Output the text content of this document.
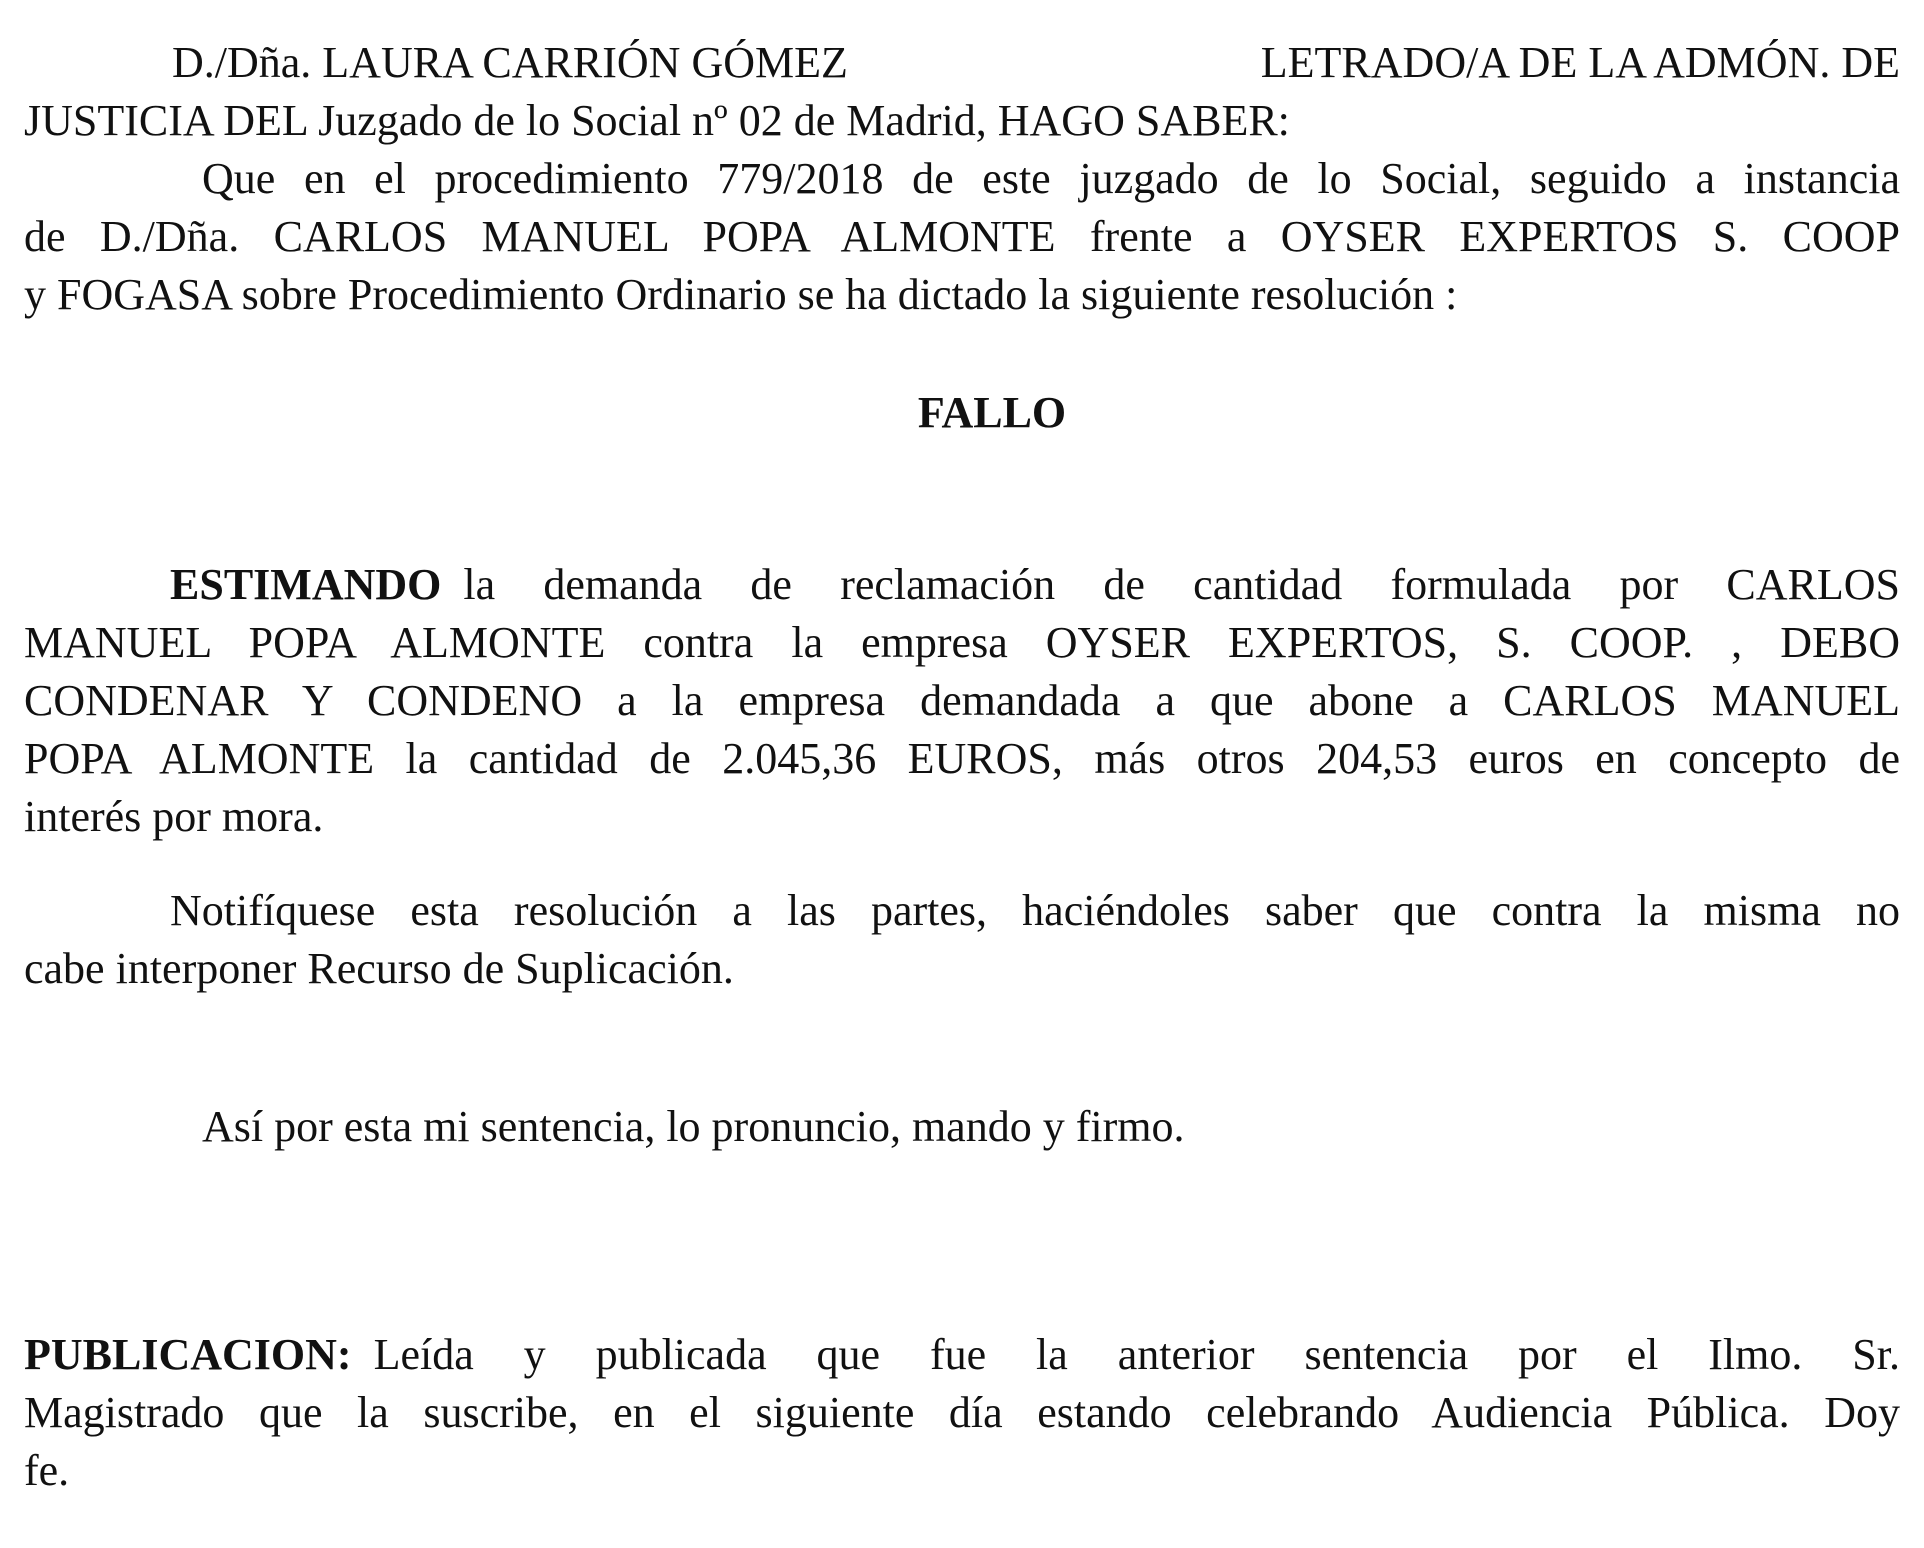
D./Dña. LAURA CARRIÓN GÓMEZ	LETRADO/A DE LA ADMÓN. DE
JUSTICIA DEL Juzgado de lo Social nº 02 de Madrid, HAGO SABER:
Que en el procedimiento 779/2018 de este juzgado de lo Social, seguido a instancia
de D./Dña. CARLOS MANUEL POPA ALMONTE frente a OYSER EXPERTOS S. COOP
y FOGASA sobre Procedimiento Ordinario se ha dictado la siguiente resolución :
FALLO
ESTIMANDO la demanda de reclamación de cantidad formulada por CARLOS
MANUEL POPA ALMONTE contra la empresa OYSER EXPERTOS, S. COOP. , DEBO
CONDENAR Y CONDENO a la empresa demandada a que abone a CARLOS MANUEL
POPA ALMONTE la cantidad de 2.045,36 EUROS, más otros 204,53 euros en concepto de
interés por mora.
Notifíquese esta resolución a las partes, haciéndoles saber que contra la misma no
cabe interponer Recurso de Suplicación.
Así por esta mi sentencia, lo pronuncio, mando y firmo.
PUBLICACION: Leída y publicada que fue la anterior sentencia por el Ilmo. Sr.
Magistrado que la suscribe, en el siguiente día estando celebrando Audiencia Pública. Doy
fe.
